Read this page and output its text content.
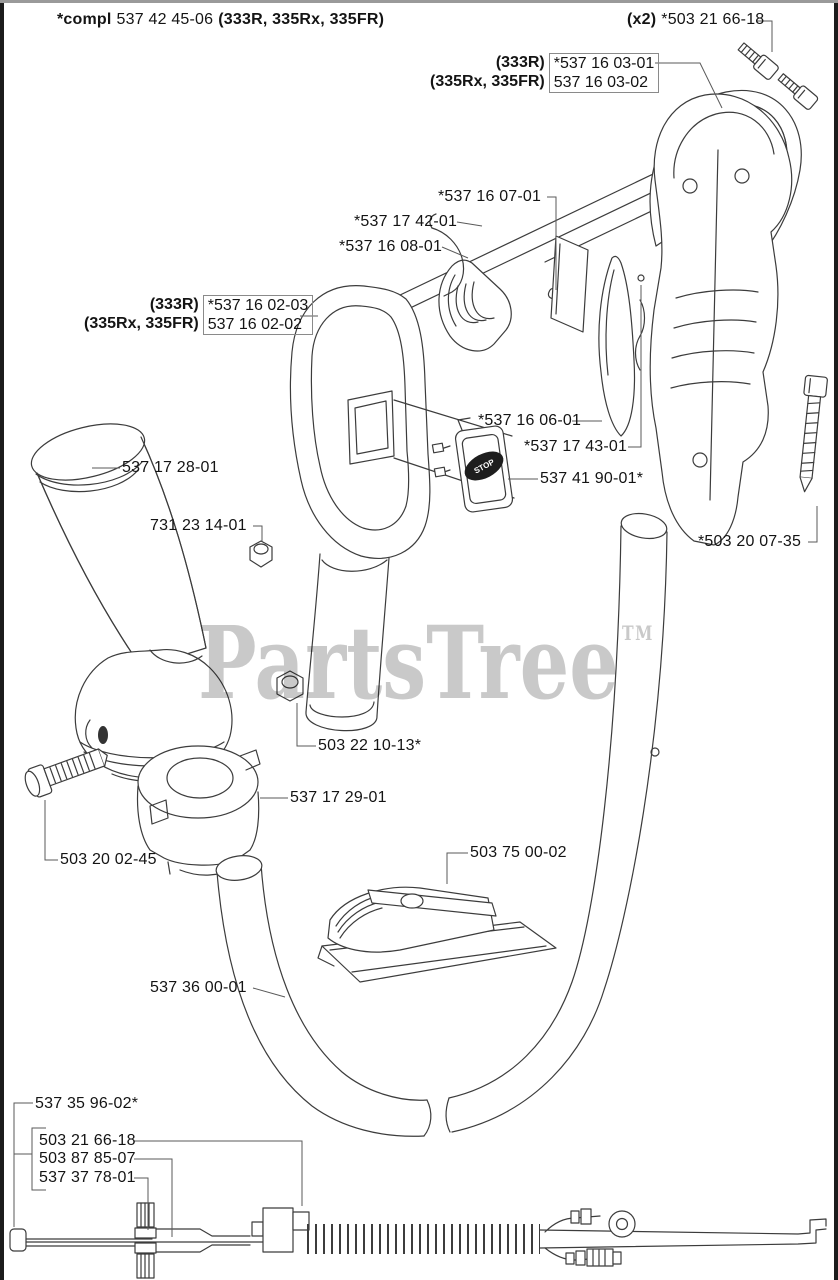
STOP
PartsTree ™
*compl 537 42 45-06 (333R, 335Rx, 335FR)	(x2) *503 21 66-18
(333R)
(335Rx, 335FR)
*537 16 03-01
537 16 03-02
(333R)
(335Rx, 335FR)
*537 16 02-03
537 16 02-02
*537 16 07-01
*537 17 42-01
*537 16 08-01
*537 16 06-01
*537 17 43-01
537 41 90-01*
537 17 28-01
731 23 14-01
*503 20 07-35
503 22 10-13*
537 17 29-01
503 20 02-45	503 75 00-02
537 36 00-01
537 35 96-02*
503 21 66-18
503 87 85-07
537 37 78-01
